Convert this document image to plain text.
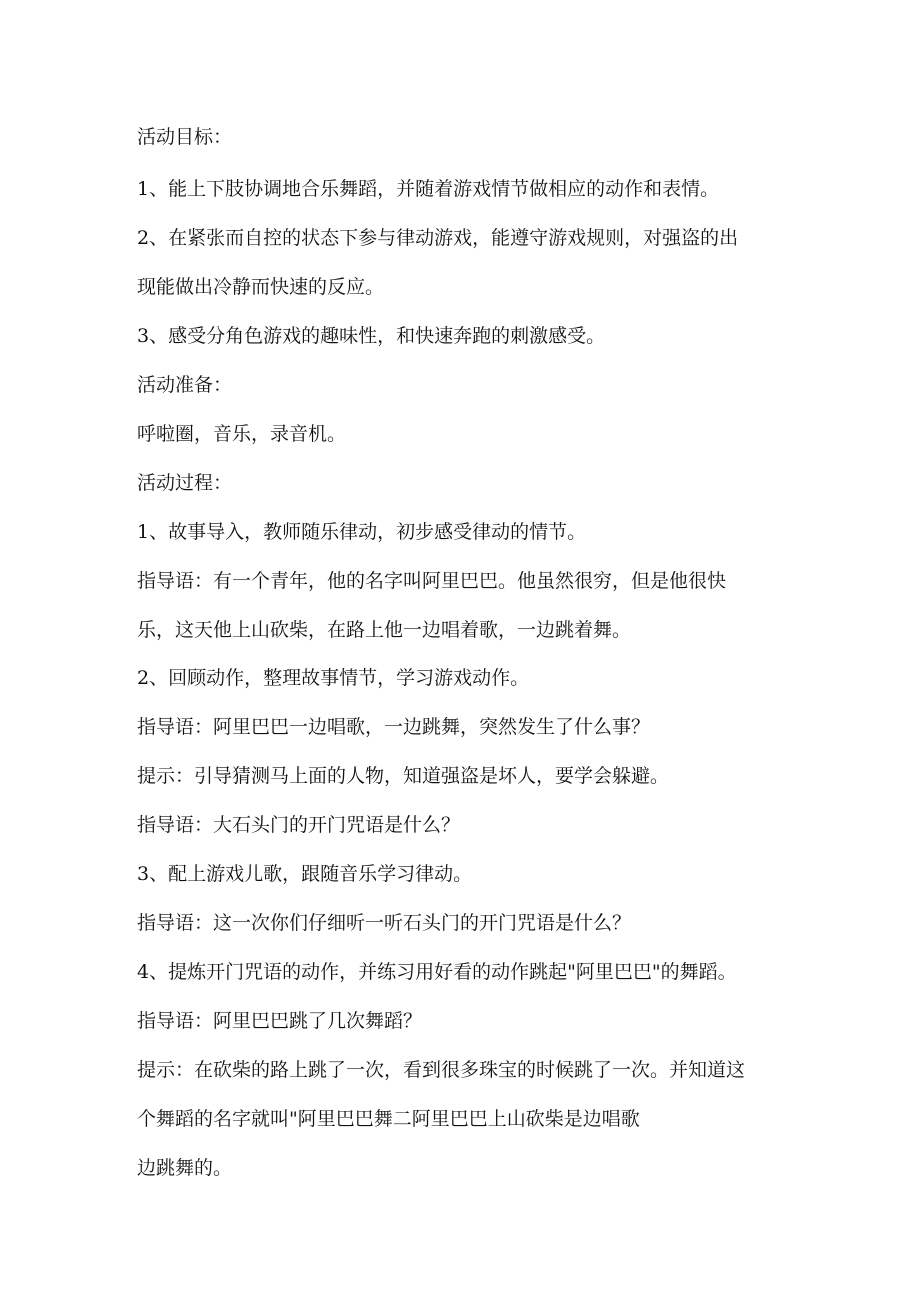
活动目标：
1、能上下肢协调地合乐舞蹈，并随着游戏情节做相应的动作和表情。
2、在紧张而自控的状态下参与律动游戏，能遵守游戏规则，对强盗的出
现能做出冷静而快速的反应。
3、感受分角色游戏的趣味性，和快速奔跑的刺激感受。
活动准备：
呼啦圈，音乐，录音机。
活动过程：
1、故事导入，教师随乐律动，初步感受律动的情节。
指导语：有一个青年，他的名字叫阿里巴巴。他虽然很穷，但是他很快
乐，这天他上山砍柴，在路上他一边唱着歌，一边跳着舞。
2、回顾动作，整理故事情节，学习游戏动作。
指导语：阿里巴巴一边唱歌，一边跳舞，突然发生了什么事？
提示：引导猜测马上面的人物，知道强盗是坏人，要学会躲避。
指导语：大石头门的开门咒语是什么？
3、配上游戏儿歌，跟随音乐学习律动。
指导语：这一次你们仔细听一听石头门的开门咒语是什么？
4、提炼开门咒语的动作，并练习用好看的动作跳起"阿里巴巴"的舞蹈。
指导语：阿里巴巴跳了几次舞蹈？
提示：在砍柴的路上跳了一次，看到很多珠宝的时候跳了一次。并知道这
个舞蹈的名字就叫"阿里巴巴舞二阿里巴巴上山砍柴是边唱歌
边跳舞的。
